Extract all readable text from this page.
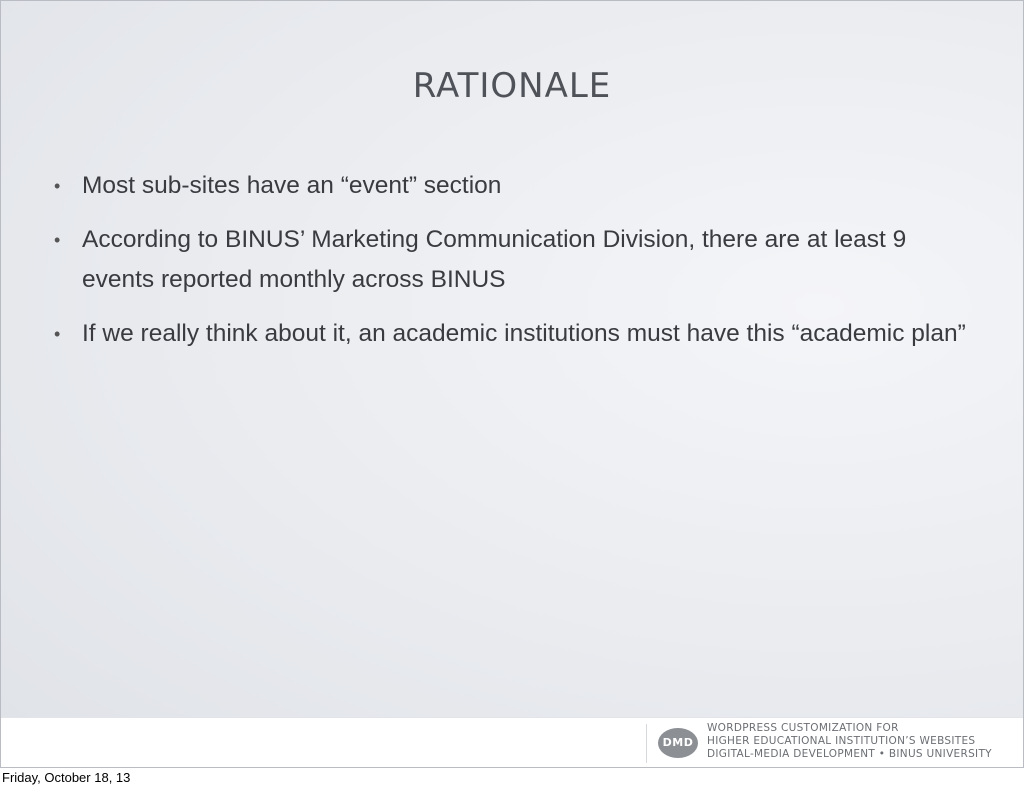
RATIONALE
• Most sub-sites have an “event” section
• According to BINUS’ Marketing Communication Division, there are at least 9 events reported monthly across BINUS
• If we really think about it, an academic institutions must have this “academic plan”
DMD
WORDPRESS CUSTOMIZATION FOR
HIGHER EDUCATIONAL INSTITUTION’S WEBSITES
DIGITAL-MEDIA DEVELOPMENT • BINUS UNIVERSITY
Friday, October 18, 13
